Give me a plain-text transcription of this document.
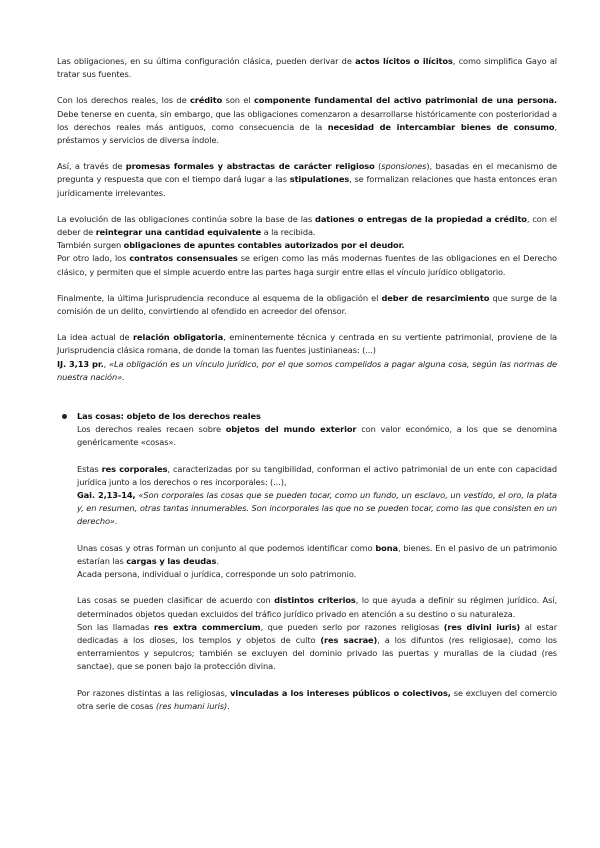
Las obligaciones, en su última configuración clásica, pueden derivar de actos lícitos o ilícitos, como simplifica Gayo al tratar sus fuentes.

Con los derechos reales, los de crédito son el componente fundamental del activo patrimonial de una persona. Debe tenerse en cuenta, sin embargo, que las obligaciones comenzaron a desarrollarse históricamente con posterioridad a los derechos reales más antiguos, como consecuencia de la necesidad de intercambiar bienes de consumo, préstamos y servicios de diversa índole.

Así, a través de promesas formales y abstractas de carácter religioso (sponsiones), basadas en el mecanismo de pregunta y respuesta que con el tiempo dará lugar a las stipulationes, se formalizan relaciones que hasta entonces eran jurídicamente irrelevantes.

La evolución de las obligaciones continúa sobre la base de las dationes o entregas de la propiedad a crédito, con el deber de reintegrar una cantidad equivalente a la recibida.

También surgen obligaciones de apuntes contables autorizados por el deudor.

Por otro lado, los contratos consensuales se erigen como las más modernas fuentes de las obligaciones en el Derecho clásico, y permiten que el simple acuerdo entre las partes haga surgir entre ellas el vínculo jurídico obligatorio.

Finalmente, la última Jurisprudencia reconduce al esquema de la obligación el deber de resarcimiento que surge de la comisión de un delito, convirtiendo al ofendido en acreedor del ofensor.

La idea actual de relación obligatoria, eminentemente técnica y centrada en su vertiente patrimonial, proviene de la Jurisprudencia clásica romana, de donde la toman las fuentes justinianeas: (...)
IJ. 3,13 pr., «La obligación es un vínculo jurídico, por el que somos compelidos a pagar alguna cosa, según las normas de nuestra nación».

Las cosas: objeto de los derechos reales

Los derechos reales recaen sobre objetos del mundo exterior con valor económico, a los que se denomina genéricamente «cosas».

Estas res corporales, caracterizadas por su tangibilidad, conforman el activo patrimonial de un ente con capacidad jurídica junto a los derechos o res incorporales: (...),
Gai. 2,13-14, «Son corporales las cosas que se pueden tocar, como un fundo, un esclavo, un vestido, el oro, la plata y, en resumen, otras tantas innumerables. Son incorporales las que no se pueden tocar, como las que consisten en un derecho».

Unas cosas y otras forman un conjunto al que podemos identificar como bona, bienes. En el pasivo de un patrimonio estarían las cargas y las deudas.
Acada persona, individual o jurídica, corresponde un solo patrimonio.

Las cosas se pueden clasificar de acuerdo con distintos criterios, lo que ayuda a definir su régimen jurídico. Así, determinados objetos quedan excluidos del tráfico jurídico privado en atención a su destino o su naturaleza.
Son las llamadas res extra commercium, que pueden serlo por razones religiosas (res divini iuris) al estar dedicadas a los dioses, los templos y objetos de culto (res sacrae), a los difuntos (res religiosae), como los enterramientos y sepulcros; también se excluyen del dominio privado las puertas y murallas de la ciudad (res sanctae), que se ponen bajo la protección divina.

Por razones distintas a las religiosas, vinculadas a los intereses públicos o colectivos, se excluyen del comercio otra serie de cosas (res humani iuris).
